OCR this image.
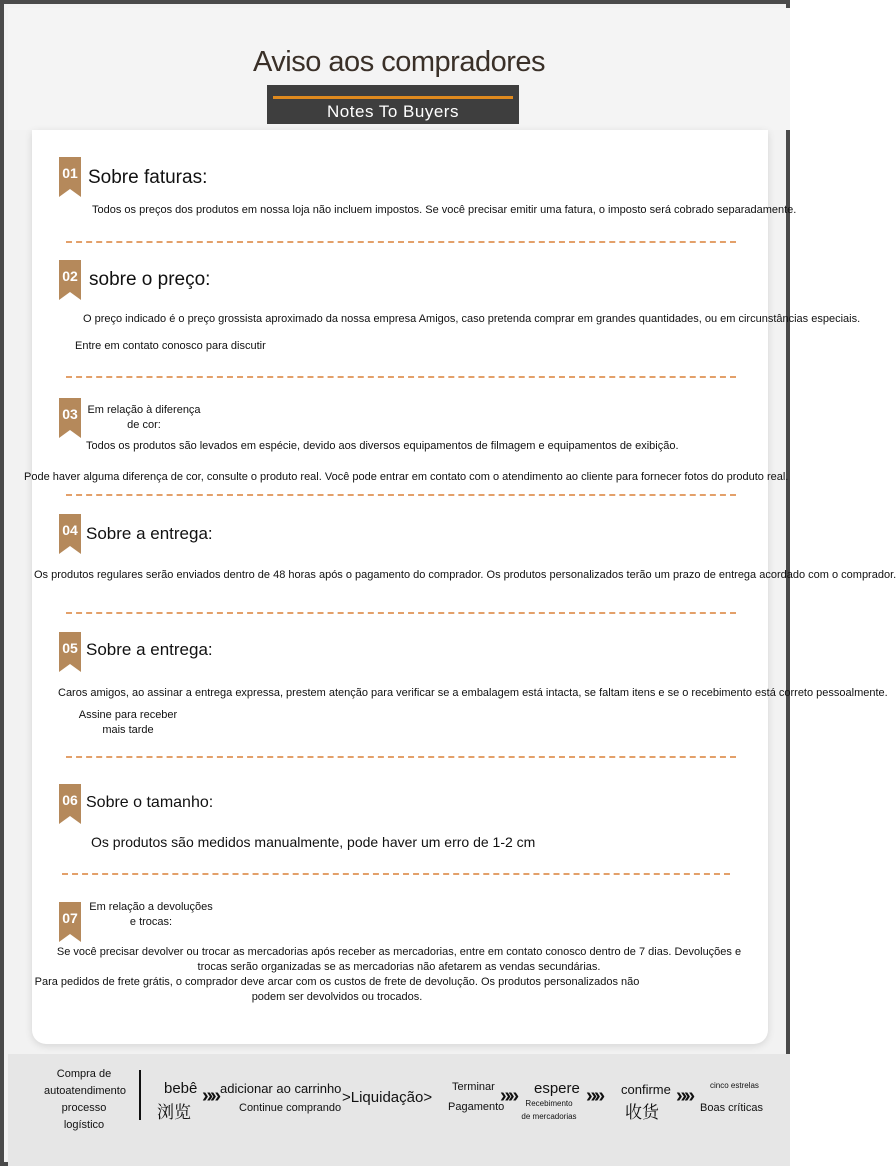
Aviso aos compradores
Notes To Buyers
01 Sobre faturas:
Todos os preços dos produtos em nossa loja não incluem impostos. Se você precisar emitir uma fatura, o imposto será cobrado separadamente.
02 sobre o preço:
O preço indicado é o preço grossista aproximado da nossa empresa Amigos, caso pretenda comprar em grandes quantidades, ou em circunstâncias especiais.
Entre em contato conosco para discutir
03 Em relação à diferença de cor:
Todos os produtos são levados em espécie, devido aos diversos equipamentos de filmagem e equipamentos de exibição.
Pode haver alguma diferença de cor, consulte o produto real. Você pode entrar em contato com o atendimento ao cliente para fornecer fotos do produto real.
04 Sobre a entrega:
Os produtos regulares serão enviados dentro de 48 horas após o pagamento do comprador. Os produtos personalizados terão um prazo de entrega acordado com o comprador.
05 Sobre a entrega:
Caros amigos, ao assinar a entrega expressa, prestem atenção para verificar se a embalagem está intacta, se faltam itens e se o recebimento está correto pessoalmente.
Assine para receber mais tarde
06 Sobre o tamanho:
Os produtos são medidos manualmente, pode haver um erro de 1-2 cm
07
Em relação a devoluções e trocas:
Se você precisar devolver ou trocar as mercadorias após receber as mercadorias, entre em contato conosco dentro de 7 dias. Devoluções e trocas serão organizadas se as mercadorias não afetarem as vendas secundárias.
Para pedidos de frete grátis, o comprador deve arcar com os custos de frete de devolução. Os produtos personalizados não podem ser devolvidos ou trocados.
Compra de autoatendimento processo logístico
bebê
浏览
» » adicionar ao carrinho
Continue comprando
>Liquidação>
Terminar
Pagamento
» » espere
Recebimento de mercadorias
» » confirme
收货
» »	cinco estrelas
Boas críticas
